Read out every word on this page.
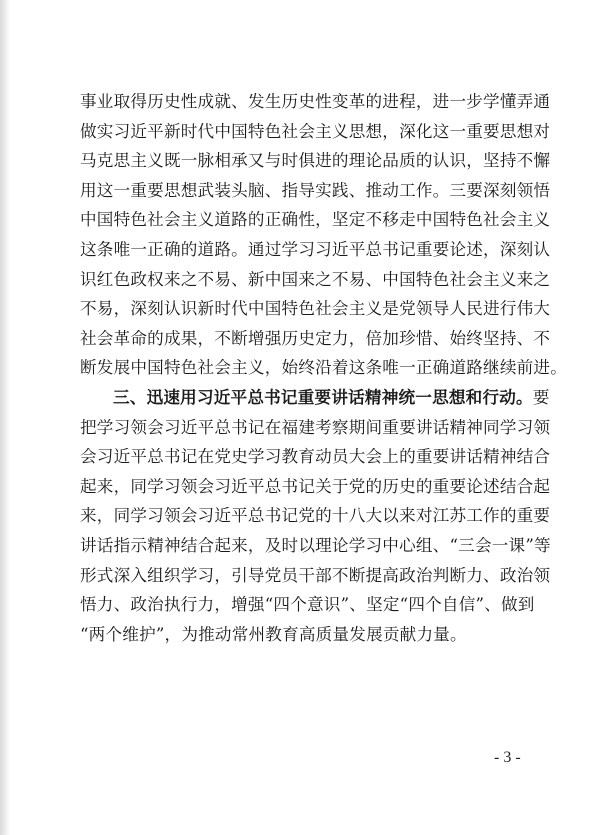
事业取得历史性成就、发生历史性变革的进程，进一步学懂弄通
做实习近平新时代中国特色社会主义思想，深化这一重要思想对
马克思主义既一脉相承又与时俱进的理论品质的认识，坚持不懈
用这一重要思想武装头脑、指导实践、推动工作。三要深刻领悟
中国特色社会主义道路的正确性，坚定不移走中国特色社会主义
这条唯一正确的道路。通过学习习近平总书记重要论述，深刻认
识红色政权来之不易、新中国来之不易、中国特色社会主义来之
不易，深刻认识新时代中国特色社会主义是党领导人民进行伟大
社会革命的成果，不断增强历史定力，倍加珍惜、始终坚持、不
断发展中国特色社会主义，始终沿着这条唯一正确道路继续前进。
三、迅速用习近平总书记重要讲话精神统一思想和行动。要
把学习领会习近平总书记在福建考察期间重要讲话精神同学习领
会习近平总书记在党史学习教育动员大会上的重要讲话精神结合
起来，同学习领会习近平总书记关于党的历史的重要论述结合起
来，同学习领会习近平总书记党的十八大以来对江苏工作的重要
讲话指示精神结合起来，及时以理论学习中心组、“三会一课”等
形式深入组织学习，引导党员干部不断提高政治判断力、政治领
悟力、政治执行力，增强“四个意识”、坚定“四个自信”、做到
“两个维护”，为推动常州教育高质量发展贡献力量。
- 3 -
